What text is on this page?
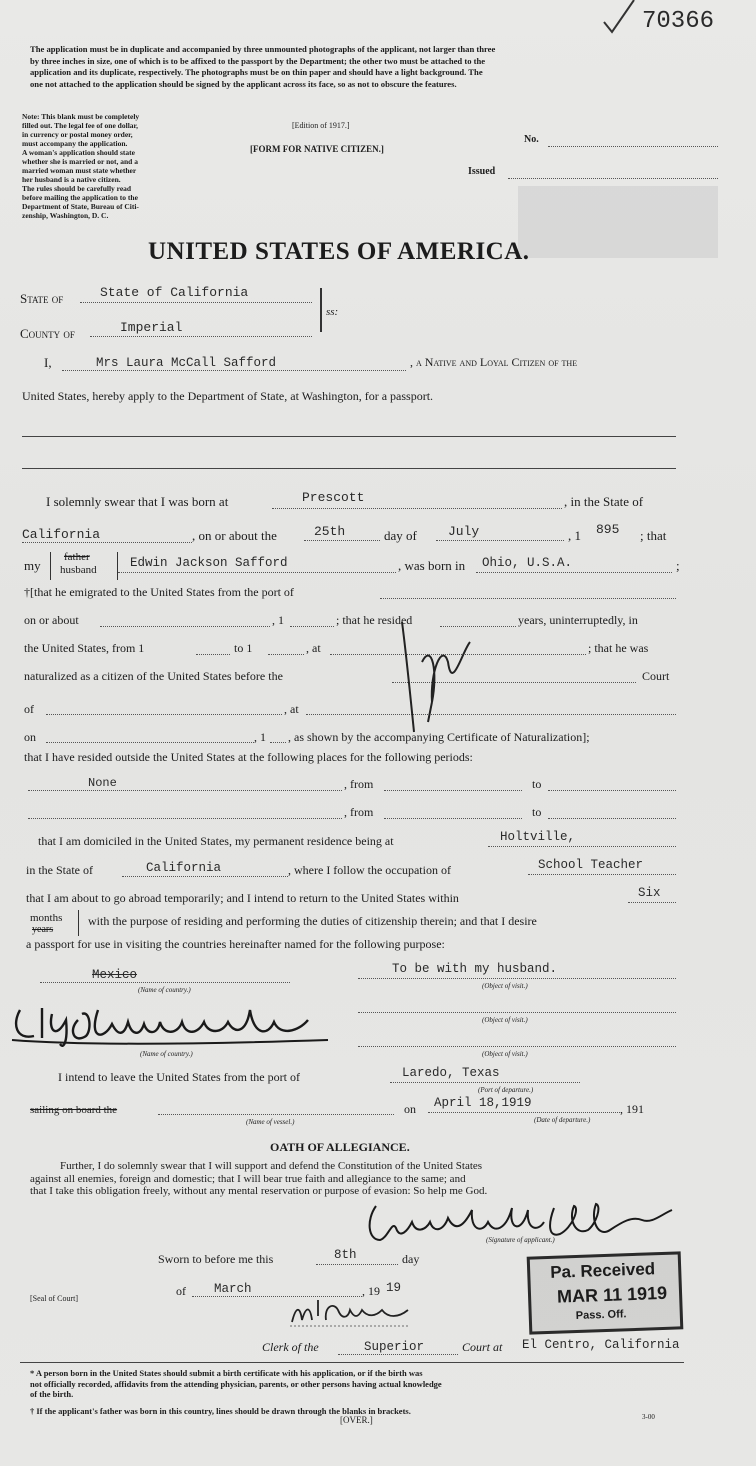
70366
The application must be in duplicate and accompanied by three unmounted photographs of the applicant, not larger than three
by three inches in size, one of which is to be affixed to the passport by the Department; the other two must be attached to the
application and its duplicate, respectively. The photographs must be on thin paper and should have a light background. The
one not attached to the application should be signed by the applicant across its face, so as not to obscure the features.
Note: This blank must be completely
filled out. The legal fee of one dollar,
in currency or postal money order,
must accompany the application.
A woman's application should state
whether she is married or not, and a
married woman must state whether
her husband is a native citizen.
The rules should be carefully read
before mailing the application to the
Department of State, Bureau of Citi-
zenship, Washington, D. C.
[Edition of 1917.]
[FORM FOR NATIVE CITIZEN.]
No.
Issued
UNITED STATES OF AMERICA.
State of	State of California
County of	Imperial
ss:
I,	Mrs Laura McCall Safford	, a Native and Loyal Citizen of the
United States, hereby apply to the Department of State, at Washington, for a passport.
I solemnly swear that I was born at	Prescott	, in the State of
California	, on or about the	25th	day of July	, 1 895 ; that
my
father
husband	Edwin Jackson Safford	, was born in Ohio, U.S.A.	;
†[that he emigrated to the United States from the port of
on or about	, 1	; that he resided	years, uninterruptedly, in
the United States, from 1	to 1	, at	; that he was
naturalized as a citizen of the United States before the	Court
of	, at
on	, 1 , as shown by the accompanying Certificate of Naturalization];
that I have resided outside the United States at the following places for the following periods:
None	, from	to
, from	to
that I am domiciled in the United States, my permanent residence being at	Holtville,
in the State of	California	, where I follow the occupation of	School Teacher
that I am about to go abroad temporarily; and I intend to return to the United States within	Six
months
years
with the purpose of residing and performing the duties of citizenship therein; and that I desire
a passport for use in visiting the countries hereinafter named for the following purpose:
Mexico
(Name of country.)
To be with my husband.
(Object of visit.)
(Name of country.)
(Object of visit.)
(Object of visit.)
I intend to leave the United States from the port of	Laredo, Texas
(Port of departure.)
sailing on board the
(Name of vessel.)
on April 18,1919	, 191
(Date of departure.)
OATH OF ALLEGIANCE.
Further, I do solemnly swear that I will support and defend the Constitution of the United States
against all enemies, foreign and domestic; that I will bear true faith and allegiance to the same; and
that I take this obligation freely, without any mental reservation or purpose of evasion: So help me God.
(Signature of applicant.)
Sworn to before me this	8th	day
of March	, 19 19
[Seal of Court]
Clerk of the	Superior	Court at El Centro, California
Pa. Received
MAR 11 1919
Pass. Off.
* A person born in the United States should submit a birth certificate with his application, or if the birth was
not officially recorded, affidavits from the attending physician, parents, or other persons having actual knowledge
of the birth.
† If the applicant's father was born in this country, lines should be drawn through the blanks in brackets.
[OVER.]	3-00
